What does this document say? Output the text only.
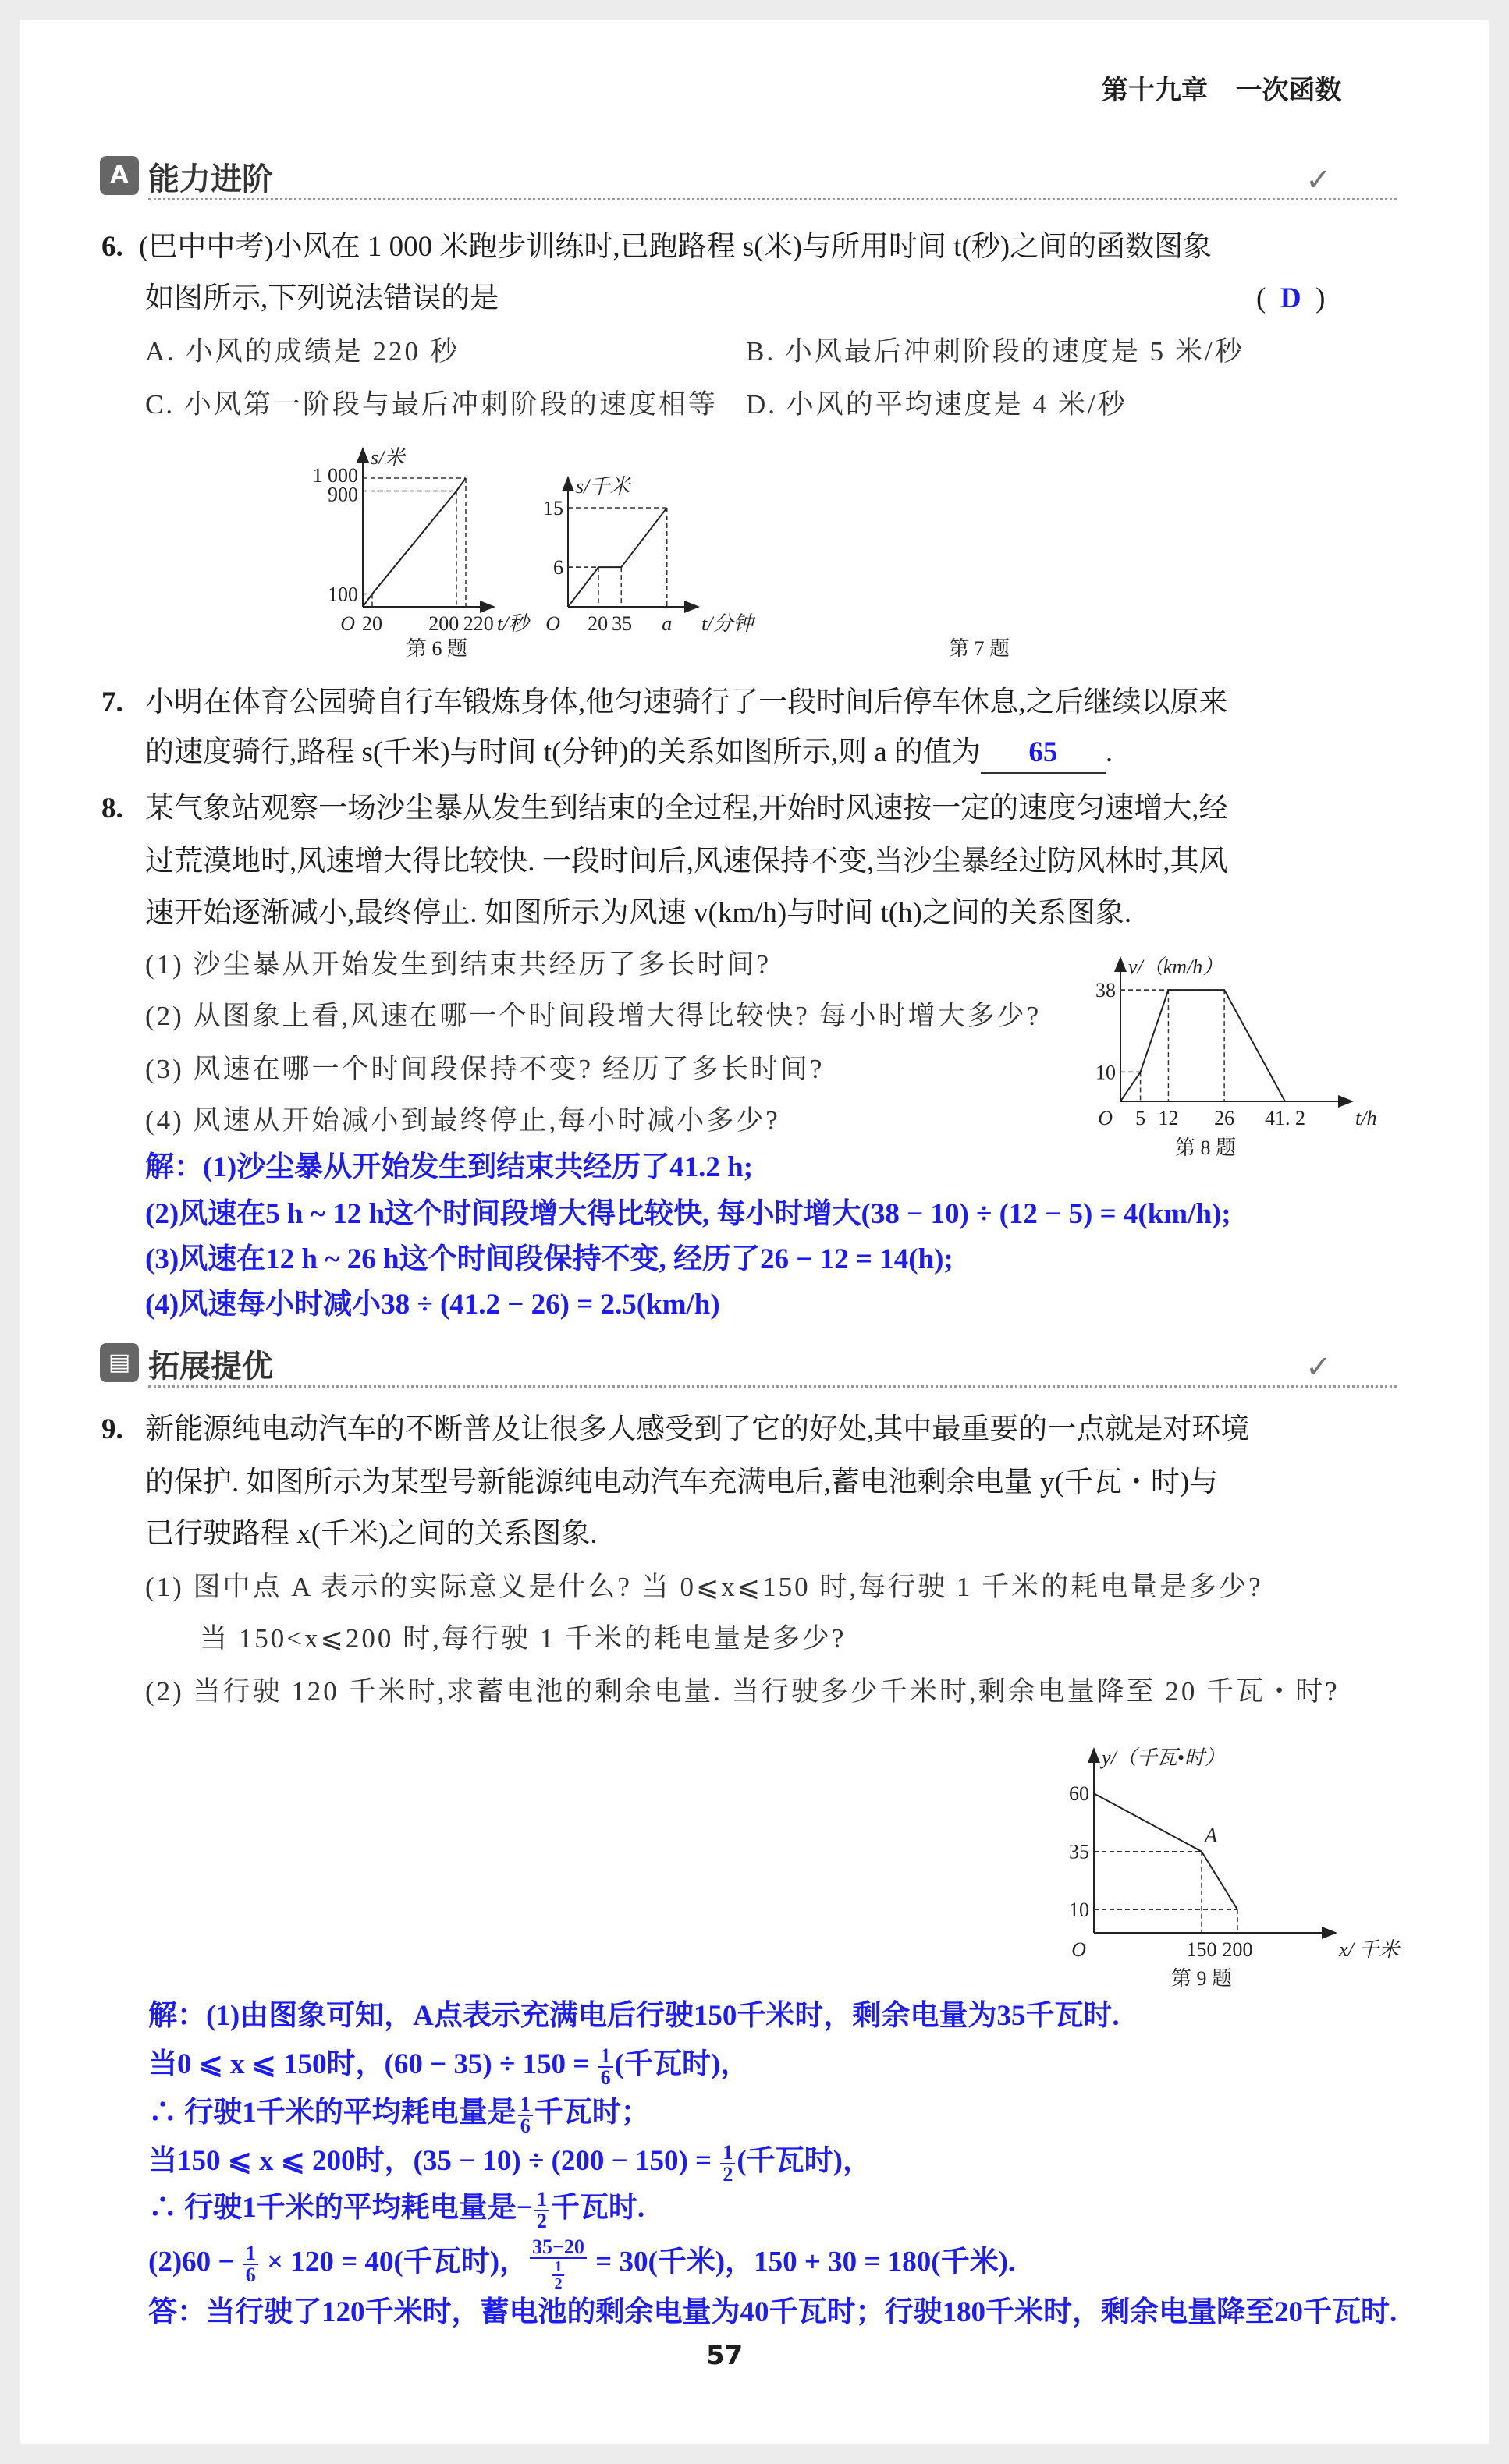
第十九章 一次函数
A 能力进阶	✓
6. (巴中中考)小风在 1 000 米跑步训练时,已跑路程 s(米)与所用时间 t(秒)之间的函数图象
如图所示,下列说法错误的是	( D )
A. 小风的成绩是 220 秒	B. 小风最后冲刺阶段的速度是 5 米/秒
C. 小风第一阶段与最后冲刺阶段的速度相等 D. 小风的平均速度是 4 米/秒
7. 小明在体育公园骑自行车锻炼身体,他匀速骑行了一段时间后停车休息,之后继续以原来
的速度骑行,路程 s(千米)与时间 t(分钟)的关系如图所示,则 a 的值为 65 .
8. 某气象站观察一场沙尘暴从发生到结束的全过程,开始时风速按一定的速度匀速增大,经
过荒漠地时,风速增大得比较快. 一段时间后,风速保持不变,当沙尘暴经过防风林时,其风
速开始逐渐减小,最终停止. 如图所示为风速 v(km/h)与时间 t(h)之间的关系图象.
(1) 沙尘暴从开始发生到结束共经历了多长时间?
(2) 从图象上看,风速在哪一个时间段增大得比较快? 每小时增大多少?
(3) 风速在哪一个时间段保持不变? 经历了多长时间?
(4) 风速从开始减小到最终停止,每小时减小多少?
解：(1)沙尘暴从开始发生到结束共经历了41.2 h;
(2)风速在5 h ~ 12 h这个时间段增大得比较快, 每小时增大(38 − 10) ÷ (12 − 5) = 4(km/h);
(3)风速在12 h ~ 26 h这个时间段保持不变, 经历了26 − 12 = 14(h);
(4)风速每小时减小38 ÷ (41.2 − 26) = 2.5(km/h)
▤ 拓展提优	✓
9. 新能源纯电动汽车的不断普及让很多人感受到了它的好处,其中最重要的一点就是对环境
的保护. 如图所示为某型号新能源纯电动汽车充满电后,蓄电池剩余电量 y(千瓦・时)与
已行驶路程 x(千米)之间的关系图象.
(1) 图中点 A 表示的实际意义是什么? 当 0⩽x⩽150 时,每行驶 1 千米的耗电量是多少?
当 150<x⩽200 时,每行驶 1 千米的耗电量是多少?
(2) 当行驶 120 千米时,求蓄电池的剩余电量. 当行驶多少千米时,剩余电量降至 20 千瓦・时?
解：(1)由图象可知，A点表示充满电后行驶150千米时，剩余电量为35千瓦时.
当0 ⩽ x ⩽ 150时，$(60 - 35) \div 150 = \frac{1}{6}$ (千瓦时)，
∴ 行驶1千米的平均耗电量是 $\frac{1}{6}$ 千瓦时；
当150 ⩽ x ⩽ 200时，$(35 - 10) \div (200 - 150) = \frac{1}{2}$ (千瓦时)，
∴ 行驶1千米的平均耗电量是− $\frac{1}{2}$ 千瓦时.
$(2)60 - \frac{1}{6} \times 120 = 40$(千瓦时)， $\frac{35-20}{\frac{1}{2}} = 30$(千米)，150 + 30 = 180(千米).
答：当行驶了120千米时，蓄电池的剩余电量为40千瓦时；行驶180千米时，剩余电量降至20千瓦时.
57
20 200 220
1 000
900
100
O
s/米
t/秒
第 6 题
20 35 a
15
6
O
s/千米
t/分钟
第 7 题
5 12 26 41. 2
38
10
O
v/（km/h）
t/h
第 8 题
150 200
60
35
10
O
y/（千瓦•时）
x/ 千米
第 9 题
A
